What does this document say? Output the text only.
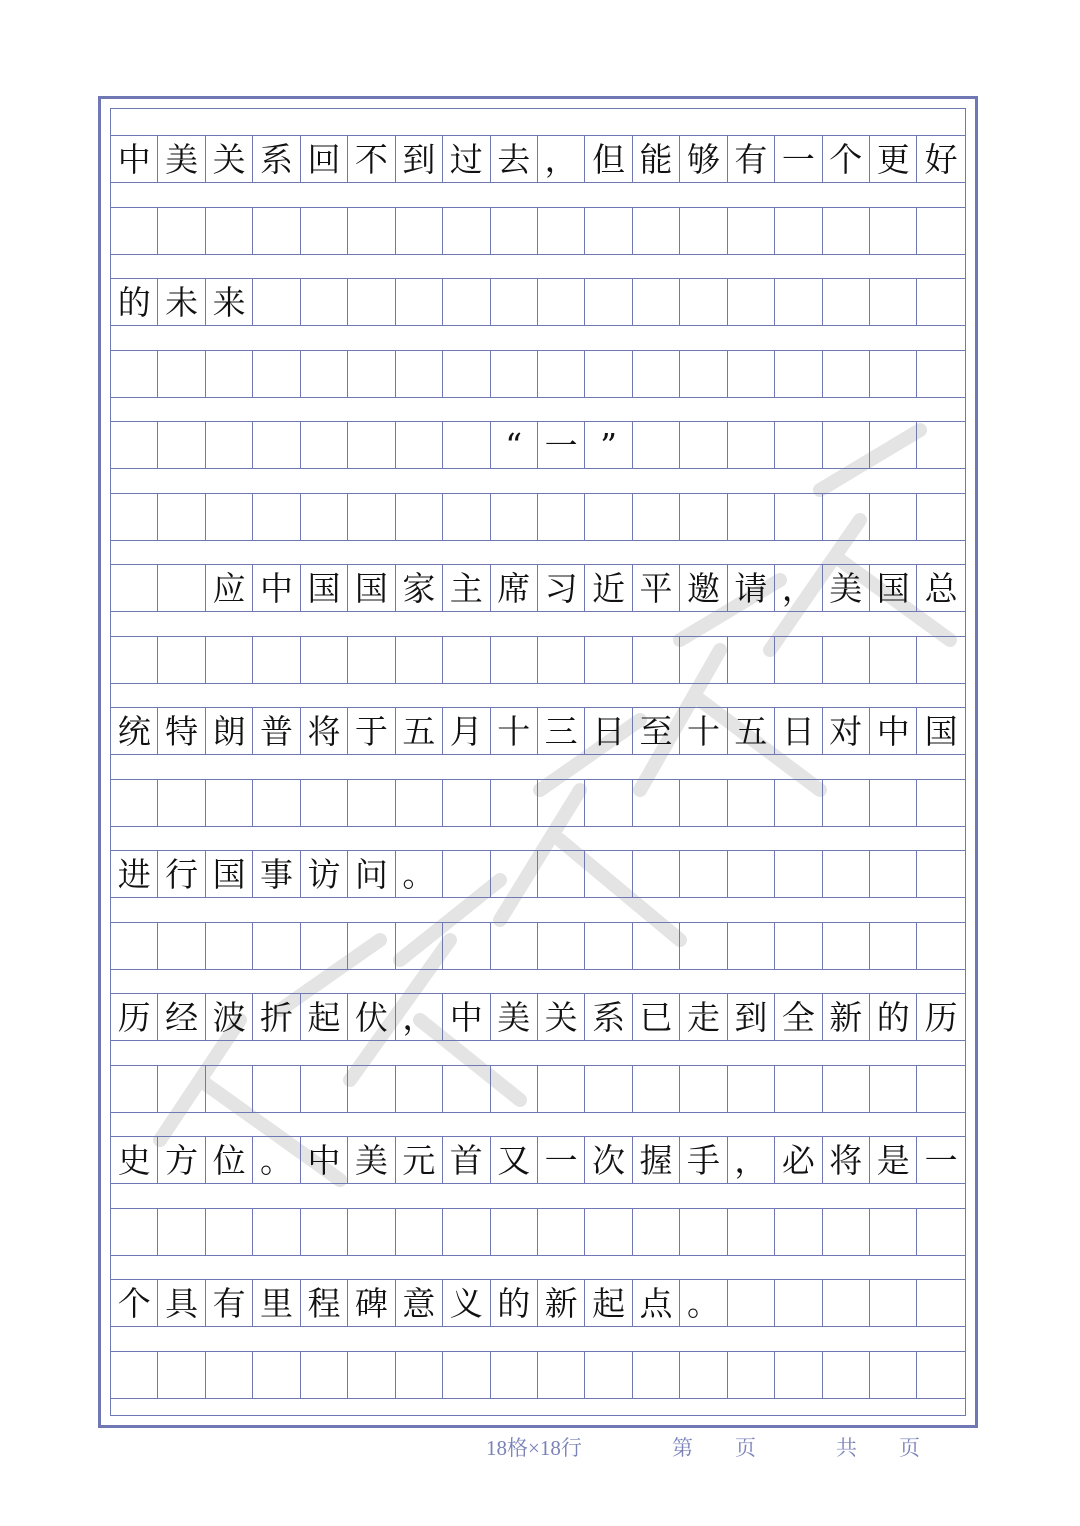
中 美 关 系 回 不 到 过 去 ， 但 能 够 有 一 个 更 好
的 未 来
“ 一 ”
应 中 国 国 家 主 席 习 近 平 邀 请 ， 美 国 总
统 特 朗 普 将 于 五 月 十 三 日 至 十 五 日 对 中 国
进 行 国 事 访 问 。
历 经 波 折 起 伏 ， 中 美 关 系 已 走 到 全 新 的 历
史 方 位 。 中 美 元 首 又 一 次 握 手 ， 必 将 是 一
个 具 有 里 程 碑 意 义 的 新 起 点 。
18格×18行	第　　页	共　　页
